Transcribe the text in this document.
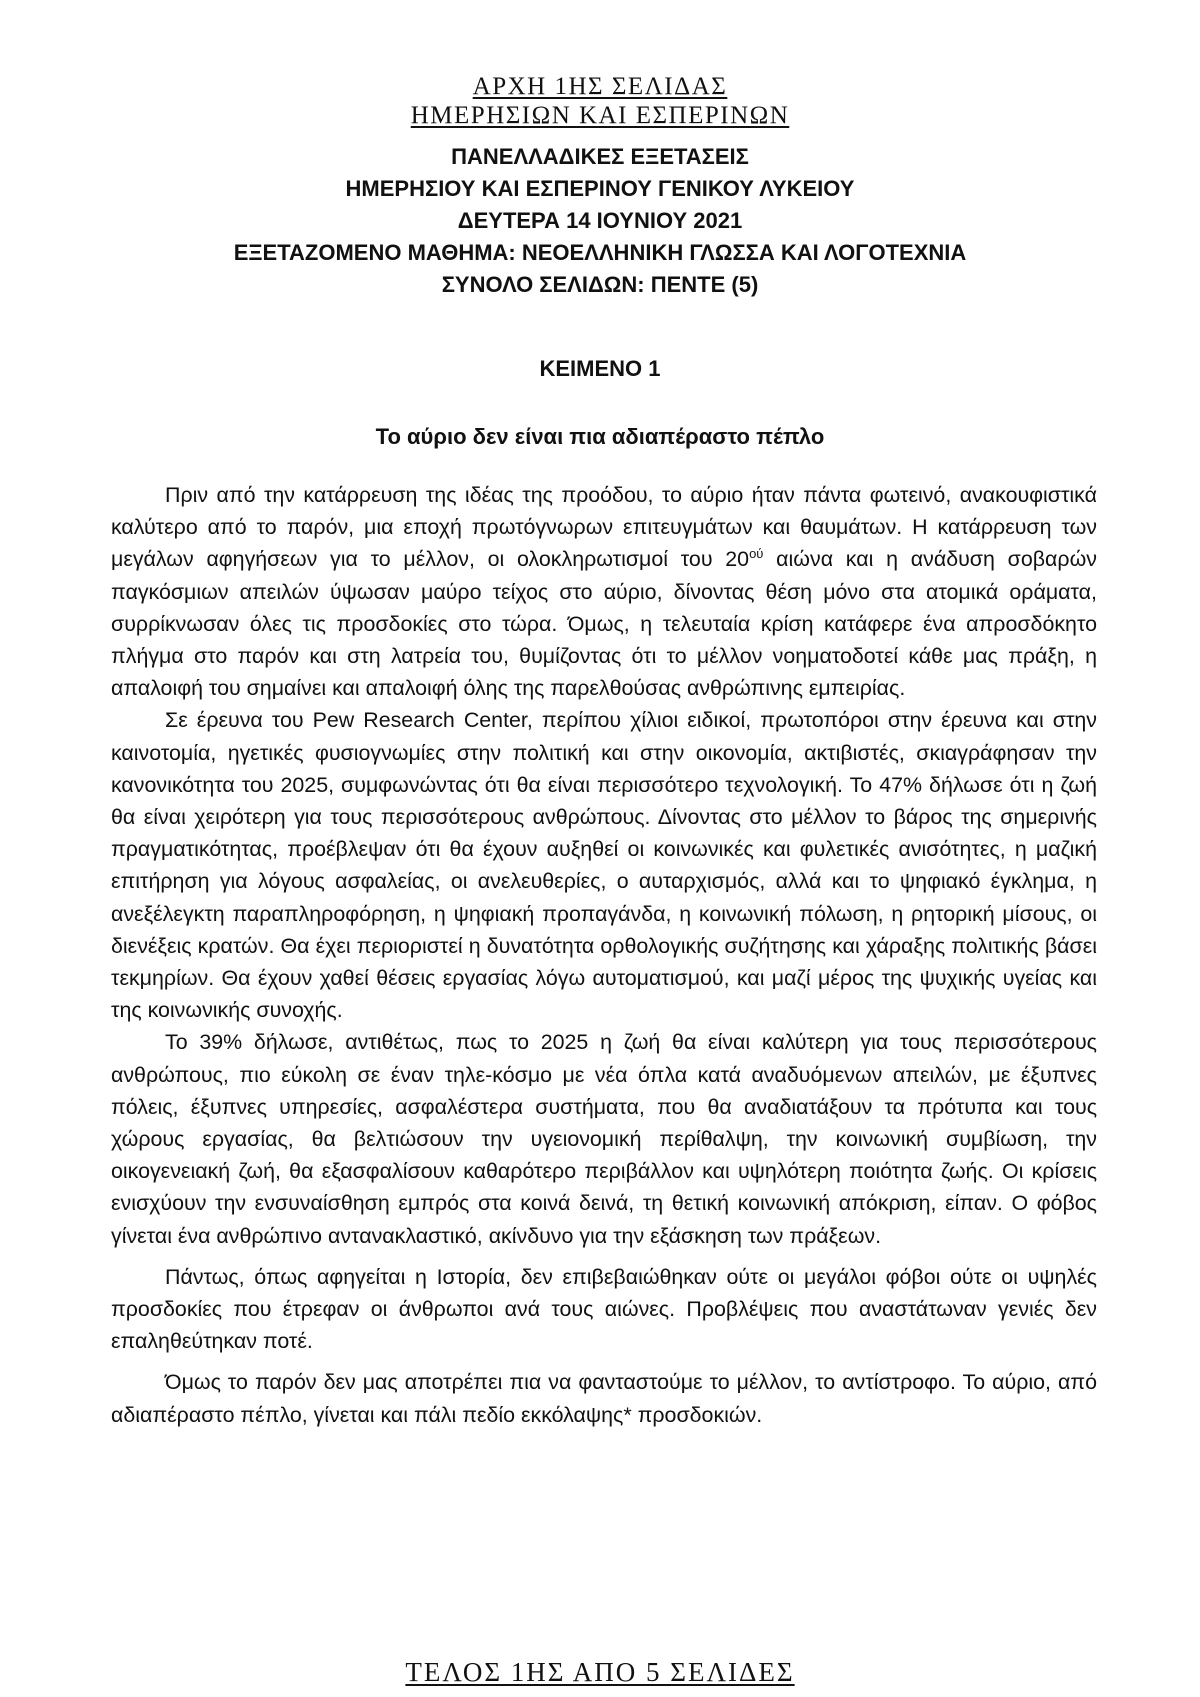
ΑΡΧΗ 1ΗΣ ΣΕΛΙΔΑΣ

ΗΜΕΡΗΣΙΩΝ ΚΑΙ ΕΣΠΕΡΙΝΩΝ

ΠΑΝΕΛΛΑΔΙΚΕΣ ΕΞΕΤΑΣΕΙΣ
ΗΜΕΡΗΣΙΟΥ ΚΑΙ ΕΣΠΕΡΙΝΟΥ ΓΕΝΙΚΟΥ ΛΥΚΕΙΟΥ
ΔΕΥΤΕΡΑ 14 ΙΟΥΝΙΟΥ 2021
ΕΞΕΤΑΖΟΜΕΝΟ ΜΑΘΗΜΑ: ΝΕΟΕΛΛΗΝΙΚΗ ΓΛΩΣΣΑ ΚΑΙ ΛΟΓΟΤΕΧΝΙΑ
ΣΥΝΟΛΟ ΣΕΛΙΔΩΝ: ΠΕΝΤΕ (5)
ΚΕΙΜΕΝΟ 1
Το αύριο δεν είναι πια αδιαπέραστο πέπλο

Πριν από την κατάρρευση της ιδέας της προόδου, το αύριο ήταν πάντα φωτεινό, ανακουφιστικά καλύτερο από το παρόν, μια εποχή πρωτόγνωρων επιτευγμάτων και θαυμάτων. Η κατάρρευση των μεγάλων αφηγήσεων για το μέλλον, οι ολοκληρωτισμοί του $20^{oύ}$ αιώνα και η ανάδυση σοβαρών παγκόσμιων απειλών ύψωσαν μαύρο τείχος στο αύριο, δίνοντας θέση μόνο στα ατομικά οράματα, συρρίκνωσαν όλες τις προσδοκίες στο τώρα. Όμως, η τελευταία κρίση κατάφερε ένα απροσδόκητο πλήγμα στο παρόν και στη λατρεία του, θυμίζοντας ότι το μέλλον νοηματοδοτεί κάθε μας πράξη, η απαλοιφή του σημαίνει και απαλοιφή όλης της παρελθούσας ανθρώπινης εμπειρίας.

Σε έρευνα του Pew Research Center, περίπου χίλιοι ειδικοί, πρωτοπόροι στην έρευνα και στην καινοτομία, ηγετικές φυσιογνωμίες στην πολιτική και στην οικονομία, ακτιβιστές, σκιαγράφησαν την κανονικότητα του 2025, συμφωνώντας ότι θα είναι περισσότερο τεχνολογική. Το 47% δήλωσε ότι η ζωή θα είναι χειρότερη για τους περισσότερους ανθρώπους. Δίνοντας στο μέλλον το βάρος της σημερινής πραγματικότητας, προέβλεψαν ότι θα έχουν αυξηθεί οι κοινωνικές και φυλετικές ανισότητες, η μαζική επιτήρηση για λόγους ασφαλείας, οι ανελευθερίες, ο αυταρχισμός, αλλά και το ψηφιακό έγκλημα, η ανεξέλεγκτη παραπληροφόρηση, η ψηφιακή προπαγάνδα, η κοινωνική πόλωση, η ρητορική μίσους, οι διενέξεις κρατών. Θα έχει περιοριστεί η δυνατότητα ορθολογικής συζήτησης και χάραξης πολιτικής βάσει τεκμηρίων. Θα έχουν χαθεί θέσεις εργασίας λόγω αυτοματισμού, και μαζί μέρος της ψυχικής υγείας και της κοινωνικής συνοχής.

Το 39% δήλωσε, αντιθέτως, πως το 2025 η ζωή θα είναι καλύτερη για τους περισσότερους ανθρώπους, πιο εύκολη σε έναν τηλε-κόσμο με νέα όπλα κατά αναδυόμενων απειλών, με έξυπνες πόλεις, έξυπνες υπηρεσίες, ασφαλέστερα συστήματα, που θα αναδιατάξουν τα πρότυπα και τους χώρους εργασίας, θα βελτιώσουν την υγειονομική περίθαλψη, την κοινωνική συμβίωση, την οικογενειακή ζωή, θα εξασφαλίσουν καθαρότερο περιβάλλον και υψηλότερη ποιότητα ζωής. Οι κρίσεις ενισχύουν την ενσυναίσθηση εμπρός στα κοινά δεινά, τη θετική κοινωνική απόκριση, είπαν. Ο φόβος γίνεται ένα ανθρώπινο αντανακλαστικό, ακίνδυνο για την εξάσκηση των πράξεων.

Πάντως, όπως αφηγείται η Ιστορία, δεν επιβεβαιώθηκαν ούτε οι μεγάλοι φόβοι ούτε οι υψηλές προσδοκίες που έτρεφαν οι άνθρωποι ανά τους αιώνες. Προβλέψεις που αναστάτωναν γενιές δεν επαληθεύτηκαν ποτέ.

Όμως το παρόν δεν μας αποτρέπει πια να φανταστούμε το μέλλον, το αντίστροφο. Το αύριο, από αδιαπέραστο πέπλο, γίνεται και πάλι πεδίο εκκόλαψης* προσδοκιών.

ΤΕΛΟΣ 1ΗΣ ΑΠΟ 5 ΣΕΛΙΔΕΣ
